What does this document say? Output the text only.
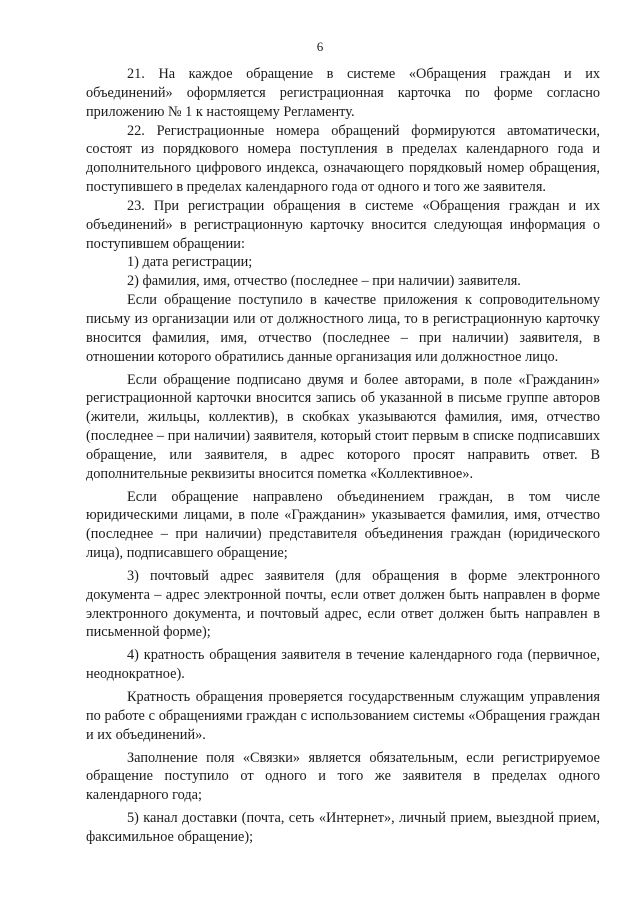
6

21. На каждое обращение в системе «Обращения граждан и их объединений» оформляется регистрационная карточка по форме согласно приложению № 1 к настоящему Регламенту.

22. Регистрационные номера обращений формируются автоматически, состоят из порядкового номера поступления в пределах календарного года и дополнительного цифрового индекса, означающего порядковый номер обращения, поступившего в пределах календарного года от одного и того же заявителя.

23. При регистрации обращения в системе «Обращения граждан и их объединений» в регистрационную карточку вносится следующая информация о поступившем обращении:

1) дата регистрации;

2) фамилия, имя, отчество (последнее – при наличии) заявителя.

Если обращение поступило в качестве приложения к сопроводительному письму из организации или от должностного лица, то в регистрационную карточку вносится фамилия, имя, отчество (последнее – при наличии) заявителя, в отношении которого обратились данные организация или должностное лицо.

Если обращение подписано двумя и более авторами, в поле «Гражданин» регистрационной карточки вносится запись об указанной в письме группе авторов (жители, жильцы, коллектив), в скобках указываются фамилия, имя, отчество (последнее – при наличии) заявителя, который стоит первым в списке подписавших обращение, или заявителя, в адрес которого просят направить ответ. В дополнительные реквизиты вносится пометка «Коллективное».

Если обращение направлено объединением граждан, в том числе юридическими лицами, в поле «Гражданин» указывается фамилия, имя, отчество (последнее – при наличии) представителя объединения граждан (юридического лица), подписавшего обращение;

3) почтовый адрес заявителя (для обращения в форме электронного документа – адрес электронной почты, если ответ должен быть направлен в форме электронного документа, и почтовый адрес, если ответ должен быть направлен в письменной форме);

4) кратность обращения заявителя в течение календарного года (первичное, неоднократное).

Кратность обращения проверяется государственным служащим управления по работе с обращениями граждан с использованием системы «Обращения граждан и их объединений».

Заполнение поля «Связки» является обязательным, если регистрируемое обращение поступило от одного и того же заявителя в пределах одного календарного года;

5) канал доставки (почта, сеть «Интернет», личный прием, выездной прием, факсимильное обращение);
